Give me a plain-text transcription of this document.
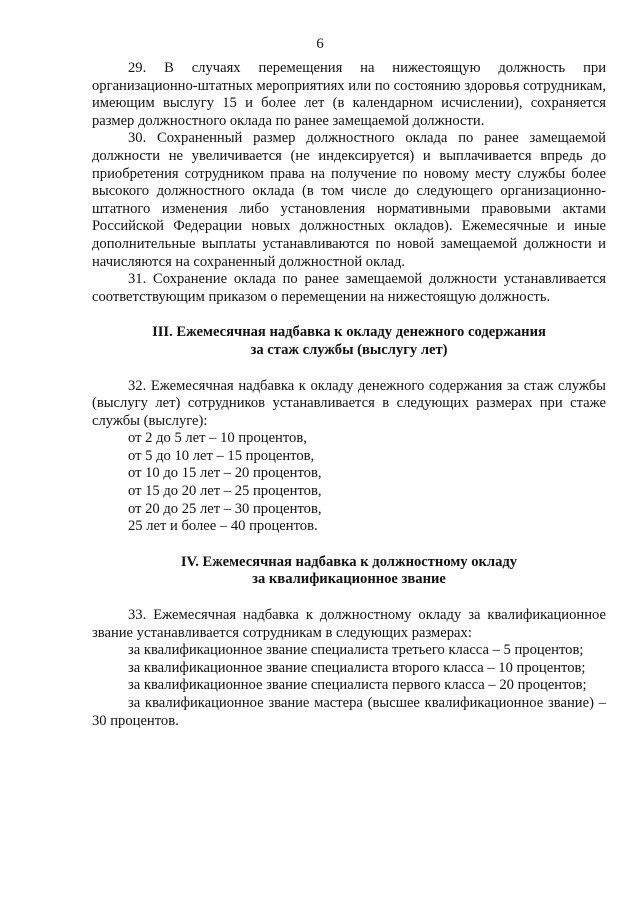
6

29. В случаях перемещения на нижестоящую должность при организационно-штатных мероприятиях или по состоянию здоровья сотрудникам, имеющим выслугу 15 и более лет (в календарном исчислении), сохраняется размер должностного оклада по ранее замещаемой должности.

30. Сохраненный размер должностного оклада по ранее замещаемой должности не увеличивается (не индексируется) и выплачивается впредь до приобретения сотрудником права на получение по новому месту службы более высокого должностного оклада (в том числе до следующего организационно-штатного изменения либо установления нормативными правовыми актами Российской Федерации новых должностных окладов). Ежемесячные и иные дополнительные выплаты устанавливаются по новой замещаемой должности и начисляются на сохраненный должностной оклад.

31. Сохранение оклада по ранее замещаемой должности устанавливается соответствующим приказом о перемещении на нижестоящую должность.

III. Ежемесячная надбавка к окладу денежного содержания
за стаж службы (выслугу лет)

32. Ежемесячная надбавка к окладу денежного содержания за стаж службы (выслугу лет) сотрудников устанавливается в следующих размерах при стаже службы (выслуге):

от 2 до 5 лет – 10 процентов,
от 5 до 10 лет – 15 процентов,
от 10 до 15 лет – 20 процентов,
от 15 до 20 лет – 25 процентов,
от 20 до 25 лет – 30 процентов,
25 лет и более – 40 процентов.
IV. Ежемесячная надбавка к должностному окладу
за квалификационное звание

33. Ежемесячная надбавка к должностному окладу за квалификационное звание устанавливается сотрудникам в следующих размерах:

за квалификационное звание специалиста третьего класса – 5 процентов;

за квалификационное звание специалиста второго класса – 10 процентов;

за квалификационное звание специалиста первого класса – 20 процентов;

за квалификационное звание мастера (высшее квалификационное звание) – 30 процентов.
